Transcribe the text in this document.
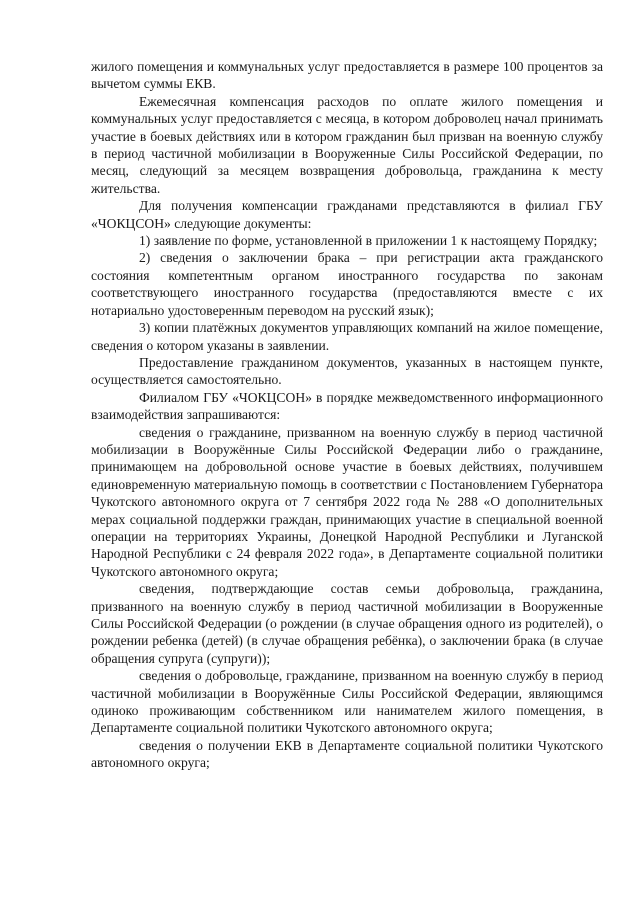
жилого помещения и коммунальных услуг предоставляется в размере 100 процентов за вычетом суммы ЕКВ.

Ежемесячная компенсация расходов по оплате жилого помещения и коммунальных услуг предоставляется с месяца, в котором доброволец начал принимать участие в боевых действиях или в котором гражданин был призван на военную службу в период частичной мобилизации в Вооруженные Силы Российской Федерации, по месяц, следующий за месяцем возвращения добровольца, гражданина к месту жительства.

Для получения компенсации гражданами представляются в филиал ГБУ «ЧОКЦСОН» следующие документы:

1) заявление по форме, установленной в приложении 1 к настоящему Порядку;

2) сведения о заключении брака – при регистрации акта гражданского состояния компетентным органом иностранного государства по законам соответствующего иностранного государства (предоставляются вместе с их нотариально удостоверенным переводом на русский язык);

3) копии платёжных документов управляющих компаний на жилое помещение, сведения о котором указаны в заявлении.

Предоставление гражданином документов, указанных в настоящем пункте, осуществляется самостоятельно.

Филиалом ГБУ «ЧОКЦСОН» в порядке межведомственного информационного взаимодействия запрашиваются:

сведения о гражданине, призванном на военную службу в период частичной мобилизации в Вооружённые Силы Российской Федерации либо о гражданине, принимающем на добровольной основе участие в боевых действиях, получившем единовременную материальную помощь в соответствии с Постановлением Губернатора Чукотского автономного округа от 7 сентября 2022 года № 288 «О дополнительных мерах социальной поддержки граждан, принимающих участие в специальной военной операции на территориях Украины, Донецкой Народной Республики и Луганской Народной Республики с 24 февраля 2022 года», в Департаменте социальной политики Чукотского автономного округа;

сведения, подтверждающие состав семьи добровольца, гражданина, призванного на военную службу в период частичной мобилизации в Вооруженные Силы Российской Федерации (о рождении (в случае обращения одного из родителей), о рождении ребенка (детей) (в случае обращения ребёнка), о заключении брака (в случае обращения супруга (супруги));

сведения о добровольце, гражданине, призванном на военную службу в период частичной мобилизации в Вооружённые Силы Российской Федерации, являющимся одиноко проживающим собственником или нанимателем жилого помещения, в Департаменте социальной политики Чукотского автономного округа;

сведения о получении ЕКВ в Департаменте социальной политики Чукотского автономного округа;
